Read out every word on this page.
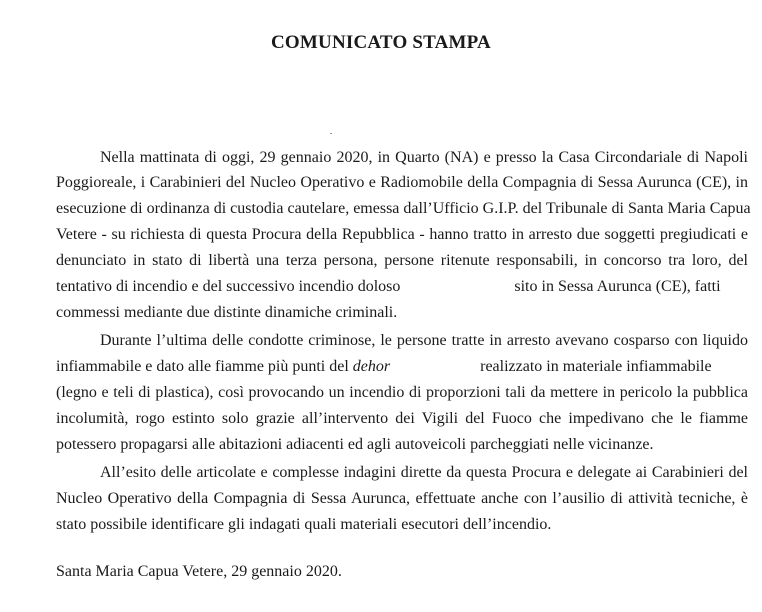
COMUNICATO STAMPA
Nella mattinata di oggi, 29 gennaio 2020, in Quarto (NA) e presso la Casa Circondariale di Napoli
Poggioreale, i Carabinieri del Nucleo Operativo e Radiomobile della Compagnia di Sessa Aurunca (CE), in
esecuzione di ordinanza di custodia cautelare, emessa dall’Ufficio G.I.P. del Tribunale di Santa Maria Capua
Vetere - su richiesta di questa Procura della Repubblica - hanno tratto in arresto due soggetti pregiudicati e
denunciato in stato di libertà una terza persona, persone ritenute responsabili, in concorso tra loro, del
tentativo di incendio e del successivo incendio doloso	sito in Sessa Aurunca (CE), fatti
commessi mediante due distinte dinamiche criminali.
Durante l’ultima delle condotte criminose, le persone tratte in arresto avevano cosparso con liquido
infiammabile e dato alle fiamme più punti del dehor	realizzato in materiale infiammabile
(legno e teli di plastica), così provocando un incendio di proporzioni tali da mettere in pericolo la pubblica
incolumità, rogo estinto solo grazie all’intervento dei Vigili del Fuoco che impedivano che le fiamme
potessero propagarsi alle abitazioni adiacenti ed agli autoveicoli parcheggiati nelle vicinanze.
All’esito delle articolate e complesse indagini dirette da questa Procura e delegate ai Carabinieri del
Nucleo Operativo della Compagnia di Sessa Aurunca, effettuate anche con l’ausilio di attività tecniche, è
stato possibile identificare gli indagati quali materiali esecutori dell’incendio.
Santa Maria Capua Vetere, 29 gennaio 2020.
